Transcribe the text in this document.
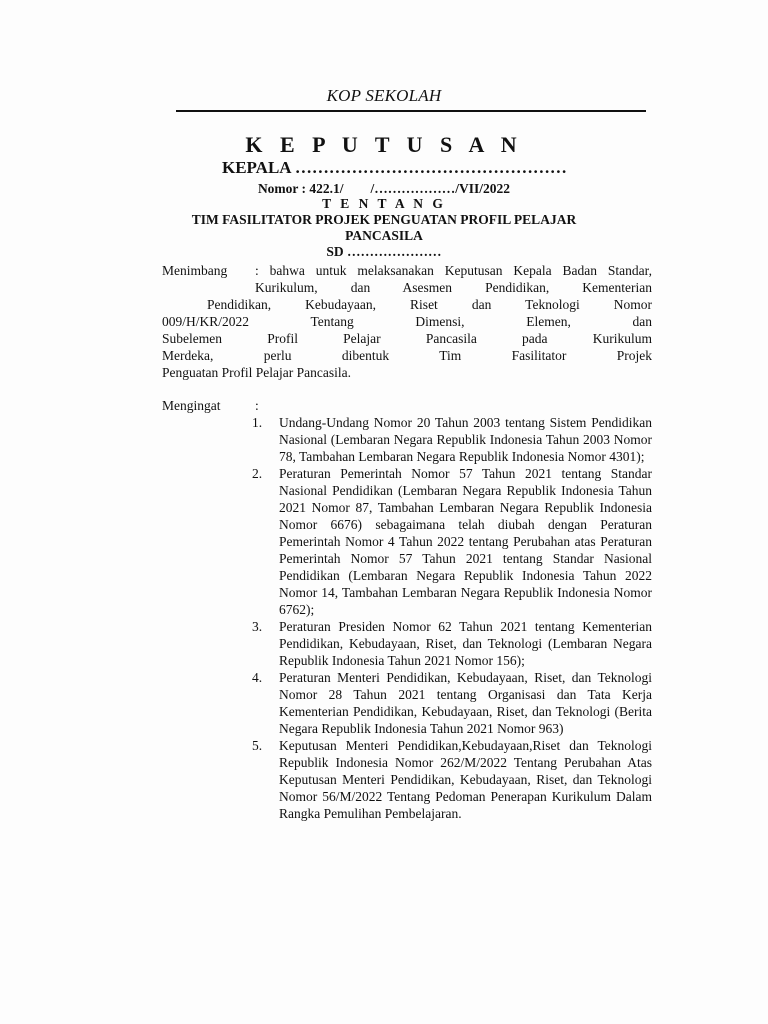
KOP SEKOLAH
K E P U T U S A N
KEPALA …………………………………………
Nomor : 422.1/        /………………/VII/2022
T E N T A N G
TIM FASILITATOR PROJEK PENGUATAN PROFIL PELAJAR
PANCASILA
SD …………………

Menimbang : bahwa untuk melaksanakan Keputusan Kepala Badan Standar,

Kurikulum, dan Asesmen Pendidikan, Kementerian

Pendidikan, Kebudayaan, Riset dan Teknologi Nomor

009/H/KR/2022 Tentang Dimensi, Elemen, dan

Subelemen Profil Pelajar Pancasila pada Kurikulum

Merdeka, perlu dibentuk Tim Fasilitator Projek

Penguatan Profil Pelajar Pancasila.

Mengingat	:
1. Undang-Undang Nomor 20 Tahun 2003 tentang Sistem Pendidikan Nasional (Lembaran Negara Republik Indonesia Tahun 2003 Nomor 78, Tambahan Lembaran Negara Republik Indonesia Nomor 4301);
2. Peraturan Pemerintah Nomor 57 Tahun 2021 tentang Standar Nasional Pendidikan (Lembaran Negara Republik Indonesia Tahun 2021 Nomor 87, Tambahan Lembaran Negara Republik Indonesia Nomor 6676) sebagaimana telah diubah dengan Peraturan Pemerintah Nomor 4 Tahun 2022 tentang Perubahan atas Peraturan Pemerintah Nomor 57 Tahun 2021 tentang Standar Nasional Pendidikan (Lembaran Negara Republik Indonesia Tahun 2022 Nomor 14, Tambahan Lembaran Negara Republik Indonesia Nomor 6762);
3. Peraturan Presiden Nomor 62 Tahun 2021 tentang Kementerian Pendidikan, Kebudayaan, Riset, dan Teknologi (Lembaran Negara Republik Indonesia Tahun 2021 Nomor 156);
4. Peraturan Menteri Pendidikan, Kebudayaan, Riset, dan Teknologi Nomor 28 Tahun 2021 tentang Organisasi dan Tata Kerja Kementerian Pendidikan, Kebudayaan, Riset, dan Teknologi (Berita Negara Republik Indonesia Tahun 2021 Nomor 963)
5. Keputusan Menteri Pendidikan,Kebudayaan,Riset dan Teknologi Republik Indonesia Nomor 262/M/2022 Tentang Perubahan Atas Keputusan Menteri Pendidikan, Kebudayaan, Riset, dan Teknologi Nomor 56/M/2022 Tentang Pedoman Penerapan Kurikulum Dalam Rangka Pemulihan Pembelajaran.
